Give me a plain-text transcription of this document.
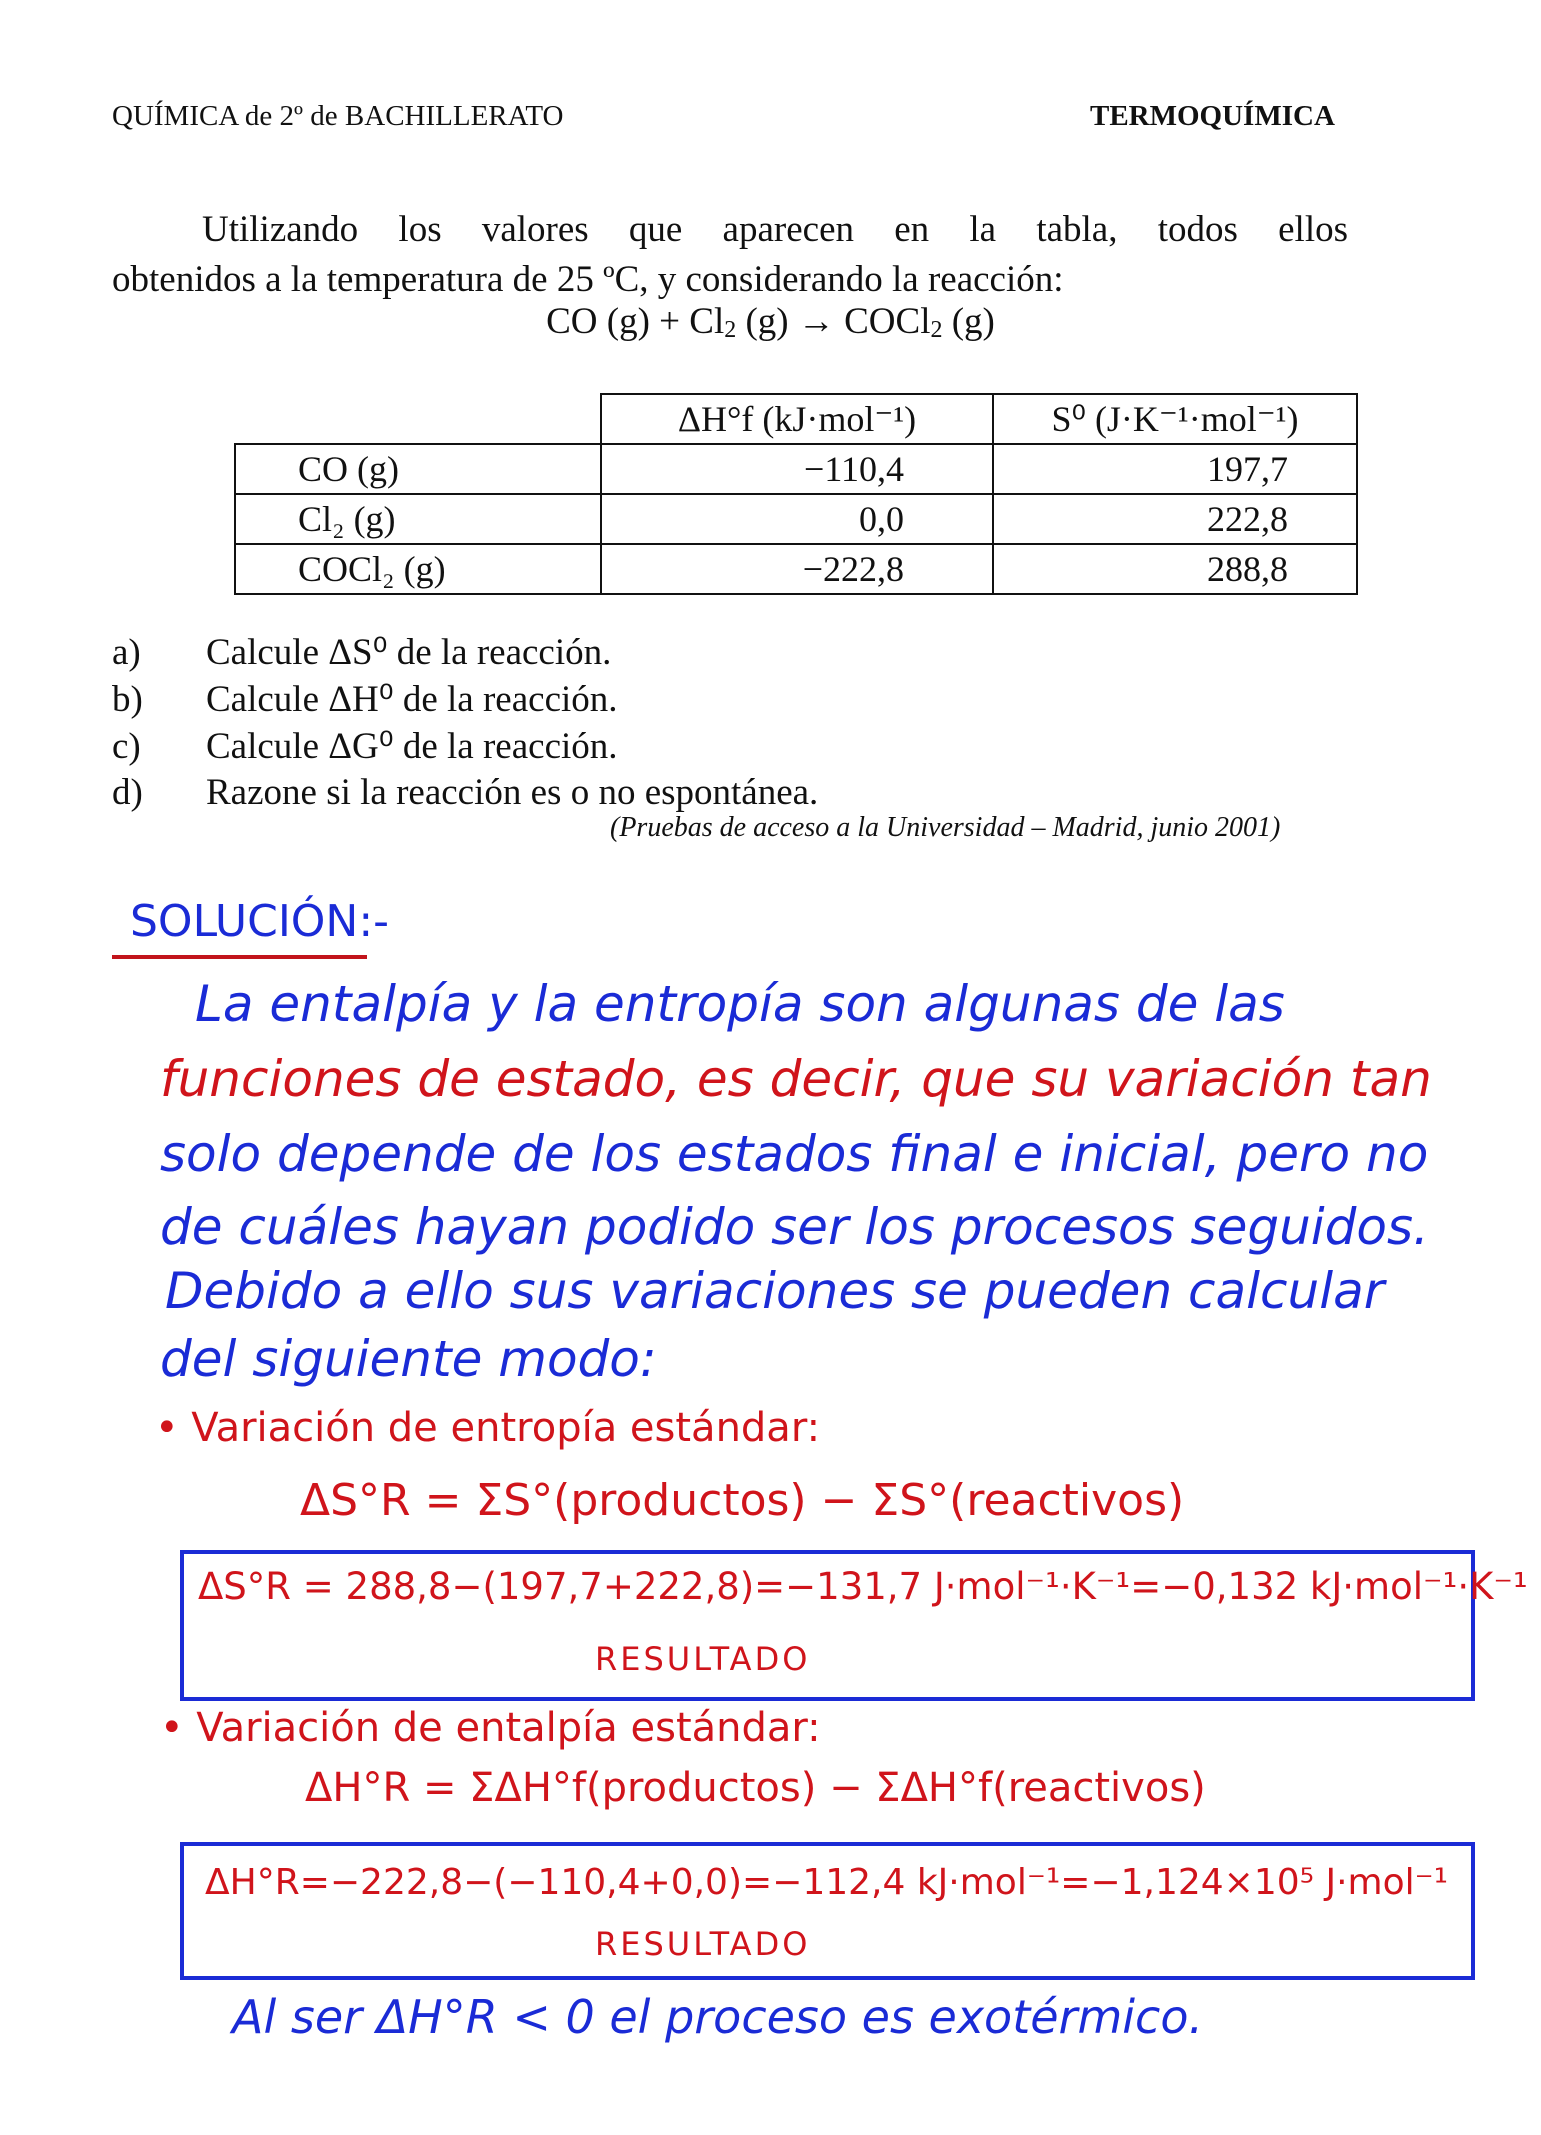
QUÍMICA de 2º de BACHILLERATO	TERMOQUÍMICA

Utilizando los valores que aparecen en la tabla, todos ellos

obtenidos a la temperatura de 25 ºC, y considerando la reacción:

CO $(g) + Cl_2$ (g) → COCl$_2$ (g)
	ΔH°f (kJ·mol⁻¹)	S⁰ (J·K⁻¹·mol⁻¹)
CO (g)	−110,4	197,7
Cl₂ (g)	0,0	222,8
COCl₂ (g)	−222,8	288,8
a) Calcule ΔS⁰ de la reacción.
b) Calcule ΔH⁰ de la reacción.
c) Calcule ΔG⁰ de la reacción.
d) Razone si la reacción es o no espontánea.
(Pruebas de acceso a la Universidad – Madrid, junio 2001)
SOLUCIÓN:-
La entalpía y la entropía son algunas de las
funciones de estado, es decir, que su variación tan
solo depende de los estados final e inicial, pero no
de cuáles hayan podido ser los procesos seguidos.
Debido a ello sus variaciones se pueden calcular
del siguiente modo:
• Variación de entropía estándar:
ΔS°R = ΣS°(productos) − ΣS°(reactivos)
ΔS°R = 288,8−(197,7+222,8)=−131,7 J·mol⁻¹·K⁻¹=−0,132 kJ·mol⁻¹·K⁻¹
RESULTADO
• Variación de entalpía estándar:
ΔH°R = ΣΔH°f(productos) − ΣΔH°f(reactivos)
ΔH°R=−222,8−(−110,4+0,0)=−112,4 kJ·mol⁻¹=−1,124×10⁵ J·mol⁻¹
RESULTADO
Al ser ΔH°R < 0 el proceso es exotérmico.
